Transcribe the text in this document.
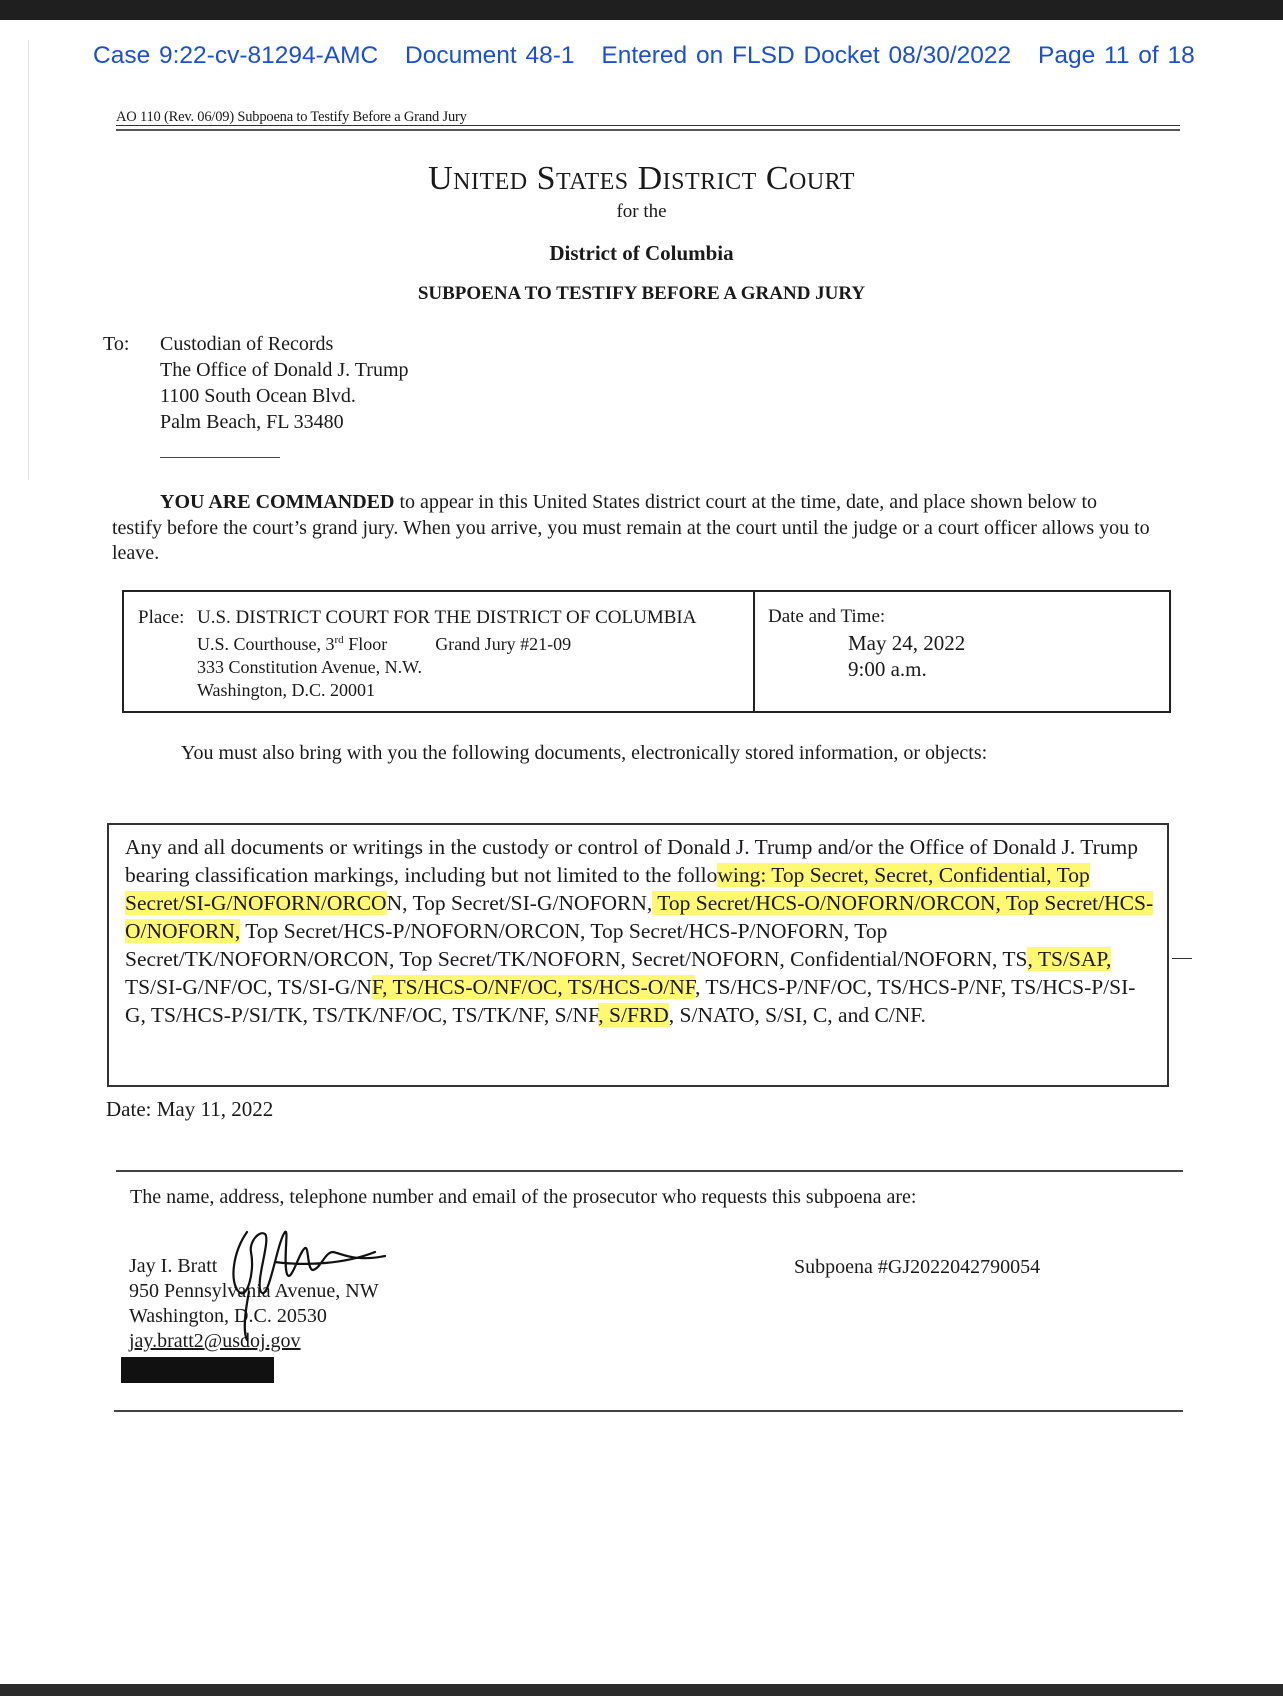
Case 9:22-cv-81294-AMC Document 48-1 Entered on FLSD Docket 08/30/2022 Page 11 of 18
AO 110 (Rev. 06/09) Subpoena to Testify Before a Grand Jury
United States District Court
for the
District of Columbia
SUBPOENA TO TESTIFY BEFORE A GRAND JURY
To: Custodian of Records
The Office of Donald J. Trump
1100 South Ocean Blvd.
Palm Beach, FL 33480
YOU ARE COMMANDED to appear in this United States district court at the time, date, and place shown below to testify before the court’s grand jury. When you arrive, you must remain at the court until the judge or a court officer allows you to leave.
Place: U.S. DISTRICT COURT FOR THE DISTRICT OF COLUMBIA
U.S. Courthouse, 3rd Floor	Grand Jury #21-09
333 Constitution Avenue, N.W.
Washington, D.C. 20001
Date and Time:
May 24, 2022
9:00 a.m.
You must also bring with you the following documents, electronically stored information, or objects:
Any and all documents or writings in the custody or control of Donald J. Trump and/or the Office of Donald J. Trump bearing classification markings, including but not limited to the following: Top Secret, Secret, Confidential, Top Secret/SI-G/NOFORN/ORCON, Top Secret/SI-G/NOFORN, Top Secret/HCS-O/NOFORN/ORCON, Top Secret/HCS-O/NOFORN, Top Secret/HCS-P/NOFORN/ORCON, Top Secret/HCS-P/NOFORN, Top Secret/TK/NOFORN/ORCON, Top Secret/TK/NOFORN, Secret/NOFORN, Confidential/NOFORN, TS, TS/SAP, TS/SI-G/NF/OC, TS/SI-G/NF, TS/HCS-O/NF/OC, TS/HCS-O/NF, TS/HCS-P/NF/OC, TS/HCS-P/NF, TS/HCS-P/SI-G, TS/HCS-P/SI/TK, TS/TK/NF/OC, TS/TK/NF, S/NF, S/FRD, S/NATO, S/SI, C, and C/NF.
Date: May 11, 2022
The name, address, telephone number and email of the prosecutor who requests this subpoena are:
Jay I. Bratt
950 Pennsylvania Avenue, NW
Washington, D.C. 20530
jay.bratt2@usdoj.gov
Subpoena #GJ2022042790054
